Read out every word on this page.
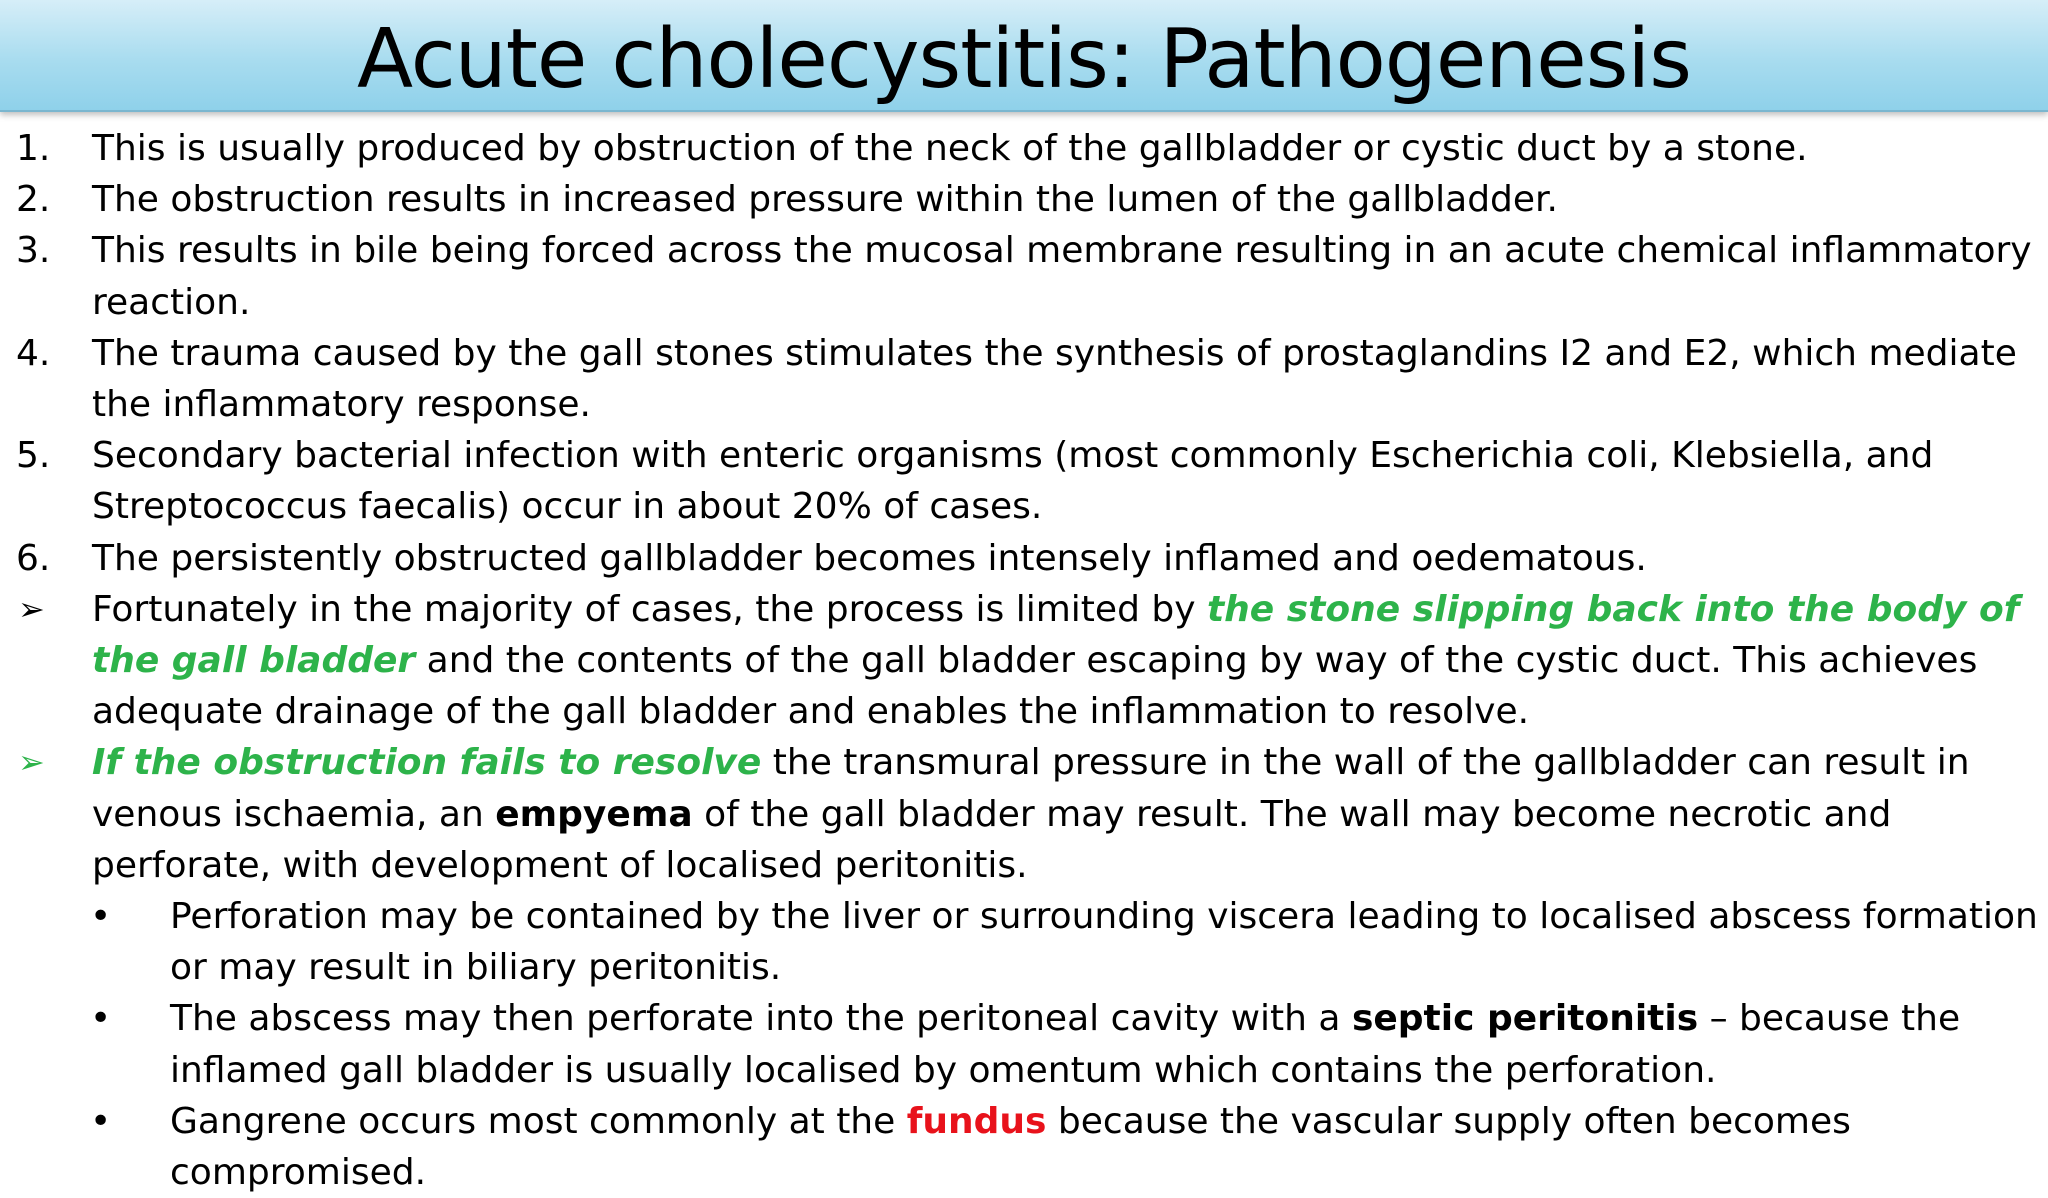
Acute cholecystitis: Pathogenesis
1. This is usually produced by obstruction of the neck of the gallbladder or cystic duct by a stone.
2. The obstruction results in increased pressure within the lumen of the gallbladder.
3. This results in bile being forced across the mucosal membrane resulting in an acute chemical inflammatory reaction.
4. The trauma caused by the gall stones stimulates the synthesis of prostaglandins I2 and E2, which mediate the inflammatory response.
5. Secondary bacterial infection with enteric organisms (most commonly Escherichia coli, Klebsiella, and Streptococcus faecalis) occur in about 20% of cases.
6. The persistently obstructed gallbladder becomes intensely inflamed and oedematous.
➢ Fortunately in the majority of cases, the process is limited by the stone slipping back into the body of the gall bladder and the contents of the gall bladder escaping by way of the cystic duct. This achieves adequate drainage of the gall bladder and enables the inflammation to resolve.
➢ If the obstruction fails to resolve the transmural pressure in the wall of the gallbladder can result in venous ischaemia, an empyema of the gall bladder may result. The wall may become necrotic and perforate, with development of localised peritonitis.
• Perforation may be contained by the liver or surrounding viscera leading to localised abscess formation or may result in biliary peritonitis.
• The abscess may then perforate into the peritoneal cavity with a septic peritonitis – because the inflamed gall bladder is usually localised by omentum which contains the perforation.
• Gangrene occurs most commonly at the fundus because the vascular supply often becomes compromised.
